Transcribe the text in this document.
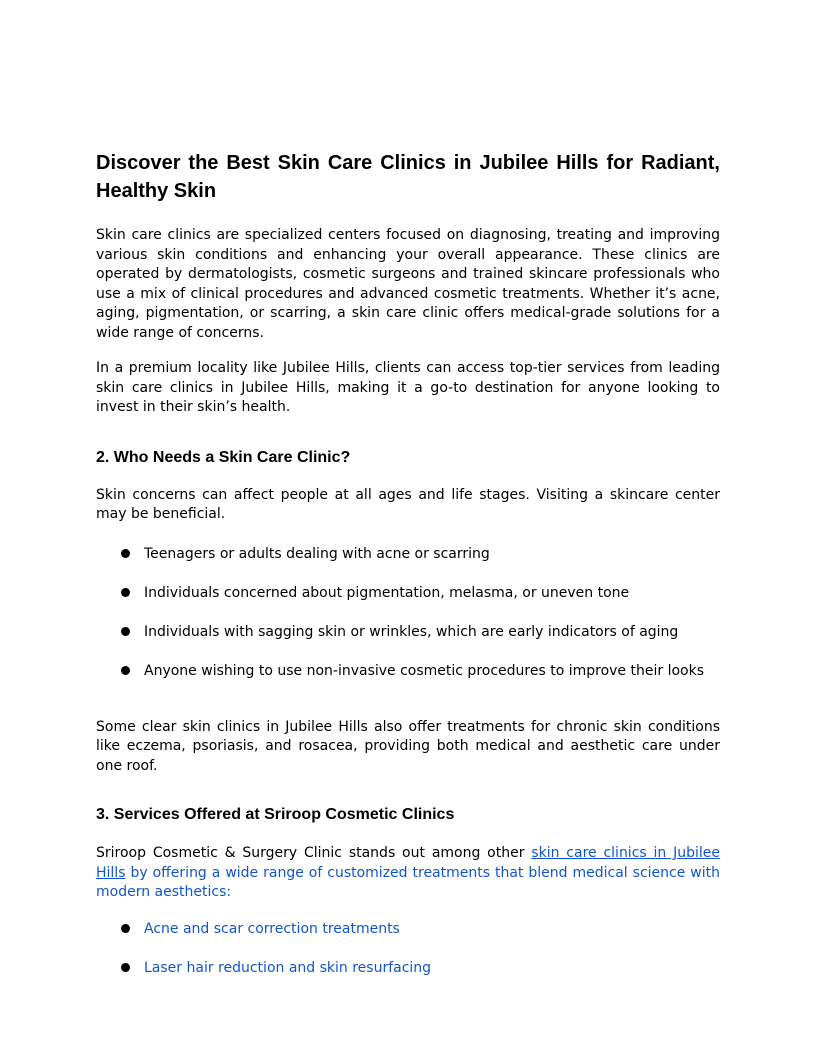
Discover the Best Skin Care Clinics in Jubilee Hills for Radiant, Healthy Skin

Skin care clinics are specialized centers focused on diagnosing, treating and improving various skin conditions and enhancing your overall appearance. These clinics are operated by dermatologists, cosmetic surgeons and trained skincare professionals who use a mix of clinical procedures and advanced cosmetic treatments. Whether it’s acne, aging, pigmentation, or scarring, a skin care clinic offers medical-grade solutions for a wide range of concerns.

In a premium locality like Jubilee Hills, clients can access top-tier services from leading skin care clinics in Jubilee Hills, making it a go-to destination for anyone looking to invest in their skin’s health.

2. Who Needs a Skin Care Clinic?

Skin concerns can affect people at all ages and life stages. Visiting a skincare center may be beneficial.

Teenagers or adults dealing with acne or scarring
Individuals concerned about pigmentation, melasma, or uneven tone
Individuals with sagging skin or wrinkles, which are early indicators of aging
Anyone wishing to use non-invasive cosmetic procedures to improve their looks

Some clear skin clinics in Jubilee Hills also offer treatments for chronic skin conditions like eczema, psoriasis, and rosacea, providing both medical and aesthetic care under one roof.

3. Services Offered at Sriroop Cosmetic Clinics

Sriroop Cosmetic & Surgery Clinic stands out among other skin care clinics in Jubilee Hills by offering a wide range of customized treatments that blend medical science with modern aesthetics:

Acne and scar correction treatments
Laser hair reduction and skin resurfacing
